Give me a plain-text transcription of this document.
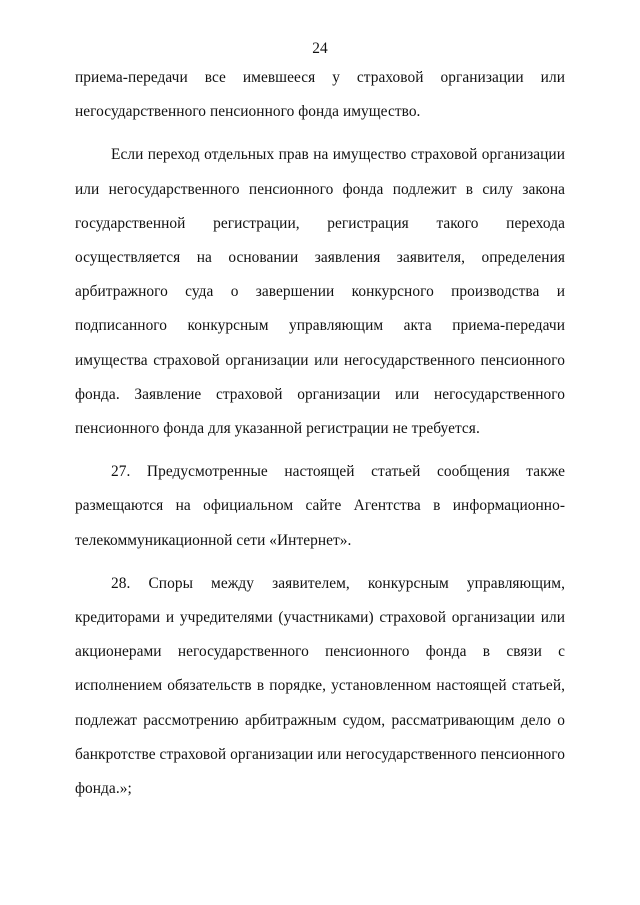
24

приема-передачи все имевшееся у страховой организации или негосударственного пенсионного фонда имущество.

Если переход отдельных прав на имущество страховой организации или негосударственного пенсионного фонда подлежит в силу закона государственной регистрации, регистрация такого перехода осуществляется на основании заявления заявителя, определения арбитражного суда о завершении конкурсного производства и подписанного конкурсным управляющим акта приема-передачи имущества страховой организации или негосударственного пенсионного фонда. Заявление страховой организации или негосударственного пенсионного фонда для указанной регистрации не требуется.

27. Предусмотренные настоящей статьей сообщения также размещаются на официальном сайте Агентства в информационно-телекоммуникационной сети «Интернет».

28. Споры между заявителем, конкурсным управляющим, кредиторами и учредителями (участниками) страховой организации или акционерами негосударственного пенсионного фонда в связи с исполнением обязательств в порядке, установленном настоящей статьей, подлежат рассмотрению арбитражным судом, рассматривающим дело о банкротстве страховой организации или негосударственного пенсионного фонда.»;
